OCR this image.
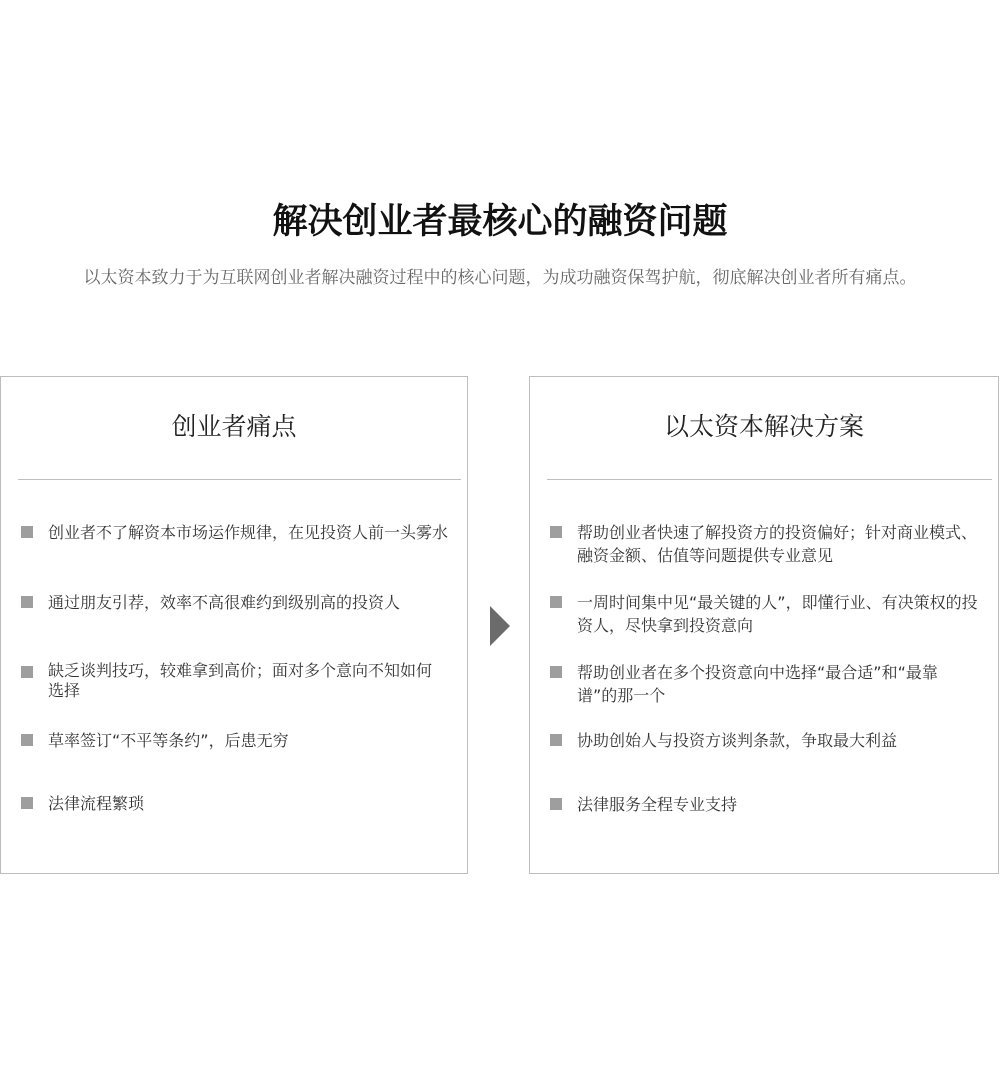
解决创业者最核心的融资问题

以太资本致力于为互联网创业者解决融资过程中的核心问题，为成功融资保驾护航，彻底解决创业者所有痛点。

创业者痛点
创业者不了解资本市场运作规律，在见投资人前一头雾水
通过朋友引荐，效率不高很难约到级别高的投资人
缺乏谈判技巧，较难拿到高价；面对多个意向不知如何选择
草率签订“不平等条约”，后患无穷
法律流程繁琐
以太资本解决方案
帮助创业者快速了解投资方的投资偏好；针对商业模式、融资金额、估值等问题提供专业意见
一周时间集中见“最关键的人”，即懂行业、有决策权的投资人，尽快拿到投资意向
帮助创业者在多个投资意向中选择“最合适”和“最靠谱”的那一个
协助创始人与投资方谈判条款，争取最大利益
法律服务全程专业支持
